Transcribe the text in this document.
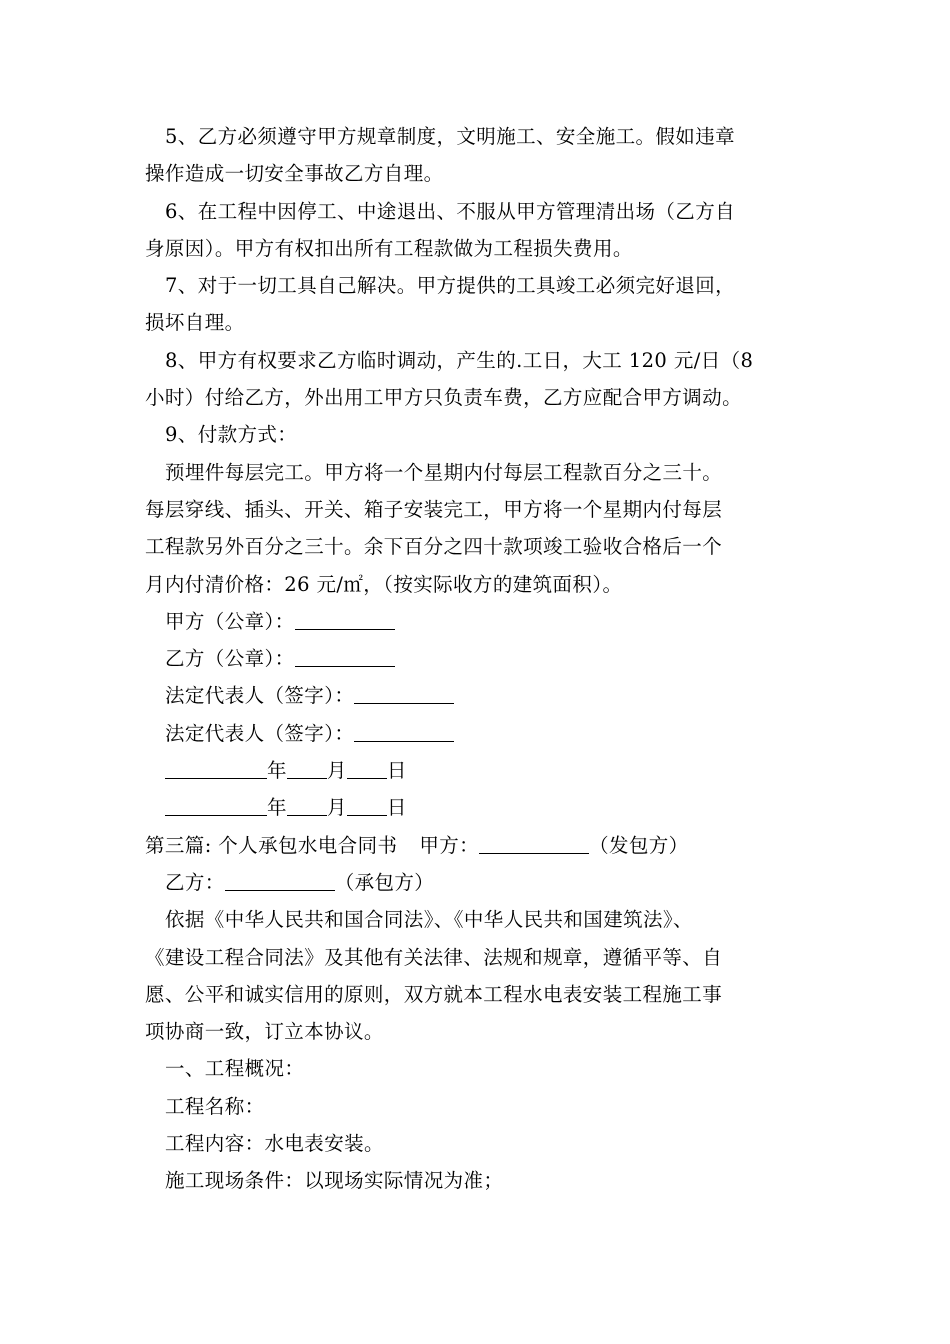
5、乙方必须遵守甲方规章制度，文明施工、安全施工。假如违章
操作造成一切安全事故乙方自理。
6、在工程中因停工、中途退出、不服从甲方管理清出场（乙方自
身原因）。甲方有权扣出所有工程款做为工程损失费用。
7、对于一切工具自己解决。甲方提供的工具竣工必须完好退回，
损坏自理。
8、甲方有权要求乙方临时调动，产生的.工日，大工 120 元/日（8
小时）付给乙方，外出用工甲方只负责车费，乙方应配合甲方调动。
9、付款方式：
预埋件每层完工。甲方将一个星期内付每层工程款百分之三十。
每层穿线、插头、开关、箱子安装完工，甲方将一个星期内付每层
工程款另外百分之三十。余下百分之四十款项竣工验收合格后一个
月内付清价格：26 元/㎡，（按实际收方的建筑面积）。
甲方（公章）：
乙方（公章）：
法定代表人（签字）：
法定代表人（签字）：
年 月 日
年 月 日
第三篇: 个人承包水电合同书 甲方：	（发包方）
乙方：	（承包方）
依据《中华人民共和国合同法》、《中华人民共和国建筑法》、
《建设工程合同法》及其他有关法律、法规和规章，遵循平等、自
愿、公平和诚实信用的原则，双方就本工程水电表安装工程施工事
项协商一致，订立本协议。
一、工程概况：
工程名称：
工程内容：水电表安装。
施工现场条件：以现场实际情况为准；
